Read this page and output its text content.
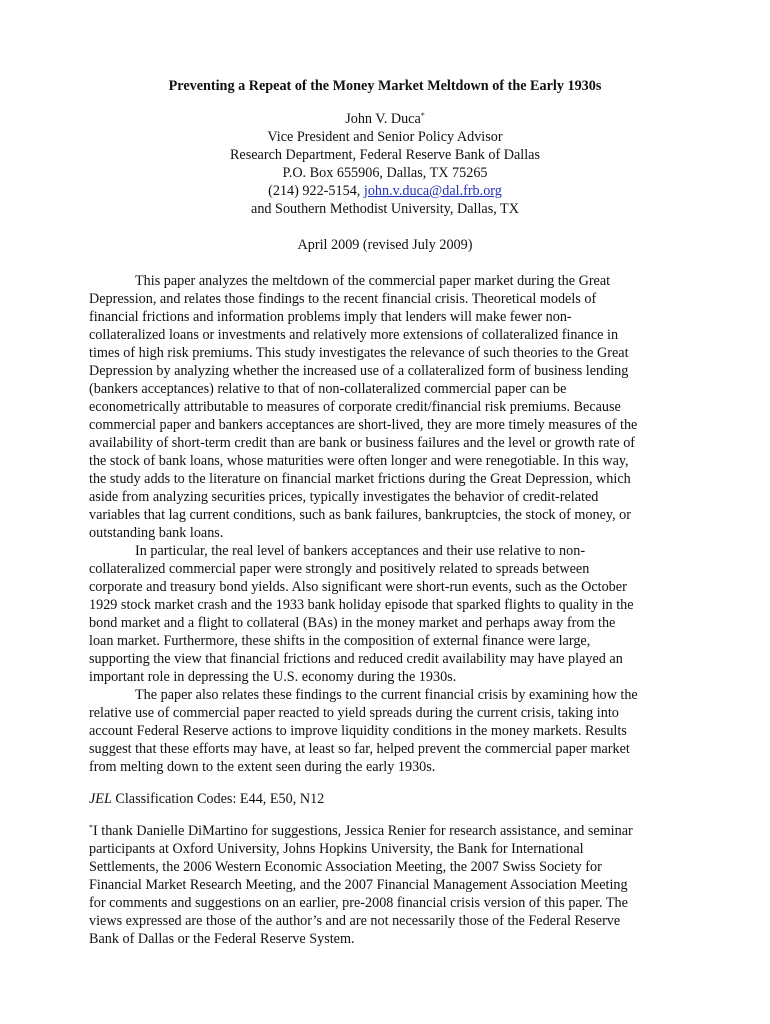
Preventing a Repeat of the Money Market Meltdown of the Early 1930s
John V. Duca*
Vice President and Senior Policy Advisor
Research Department, Federal Reserve Bank of Dallas
P.O. Box 655906, Dallas, TX 75265
(214) 922-5154, john.v.duca@dal.frb.org
and Southern Methodist University, Dallas, TX
April 2009 (revised July 2009)
This paper analyzes the meltdown of the commercial paper market during the Great
Depression, and relates those findings to the recent financial crisis. Theoretical models of
financial frictions and information problems imply that lenders will make fewer non-
collateralized loans or investments and relatively more extensions of collateralized finance in
times of high risk premiums. This study investigates the relevance of such theories to the Great
Depression by analyzing whether the increased use of a collateralized form of business lending
(bankers acceptances) relative to that of non-collateralized commercial paper can be
econometrically attributable to measures of corporate credit/financial risk premiums. Because
commercial paper and bankers acceptances are short-lived, they are more timely measures of the
availability of short-term credit than are bank or business failures and the level or growth rate of
the stock of bank loans, whose maturities were often longer and were renegotiable. In this way,
the study adds to the literature on financial market frictions during the Great Depression, which
aside from analyzing securities prices, typically investigates the behavior of credit-related
variables that lag current conditions, such as bank failures, bankruptcies, the stock of money, or
outstanding bank loans.
In particular, the real level of bankers acceptances and their use relative to non-
collateralized commercial paper were strongly and positively related to spreads between
corporate and treasury bond yields. Also significant were short-run events, such as the October
1929 stock market crash and the 1933 bank holiday episode that sparked flights to quality in the
bond market and a flight to collateral (BAs) in the money market and perhaps away from the
loan market. Furthermore, these shifts in the composition of external finance were large,
supporting the view that financial frictions and reduced credit availability may have played an
important role in depressing the U.S. economy during the 1930s.
The paper also relates these findings to the current financial crisis by examining how the
relative use of commercial paper reacted to yield spreads during the current crisis, taking into
account Federal Reserve actions to improve liquidity conditions in the money markets. Results
suggest that these efforts may have, at least so far, helped prevent the commercial paper market
from melting down to the extent seen during the early 1930s.
JEL Classification Codes: E44, E50, N12
*I thank Danielle DiMartino for suggestions, Jessica Renier for research assistance, and seminar
participants at Oxford University, Johns Hopkins University, the Bank for International
Settlements, the 2006 Western Economic Association Meeting, the 2007 Swiss Society for
Financial Market Research Meeting, and the 2007 Financial Management Association Meeting
for comments and suggestions on an earlier, pre-2008 financial crisis version of this paper. The
views expressed are those of the author’s and are not necessarily those of the Federal Reserve
Bank of Dallas or the Federal Reserve System.
